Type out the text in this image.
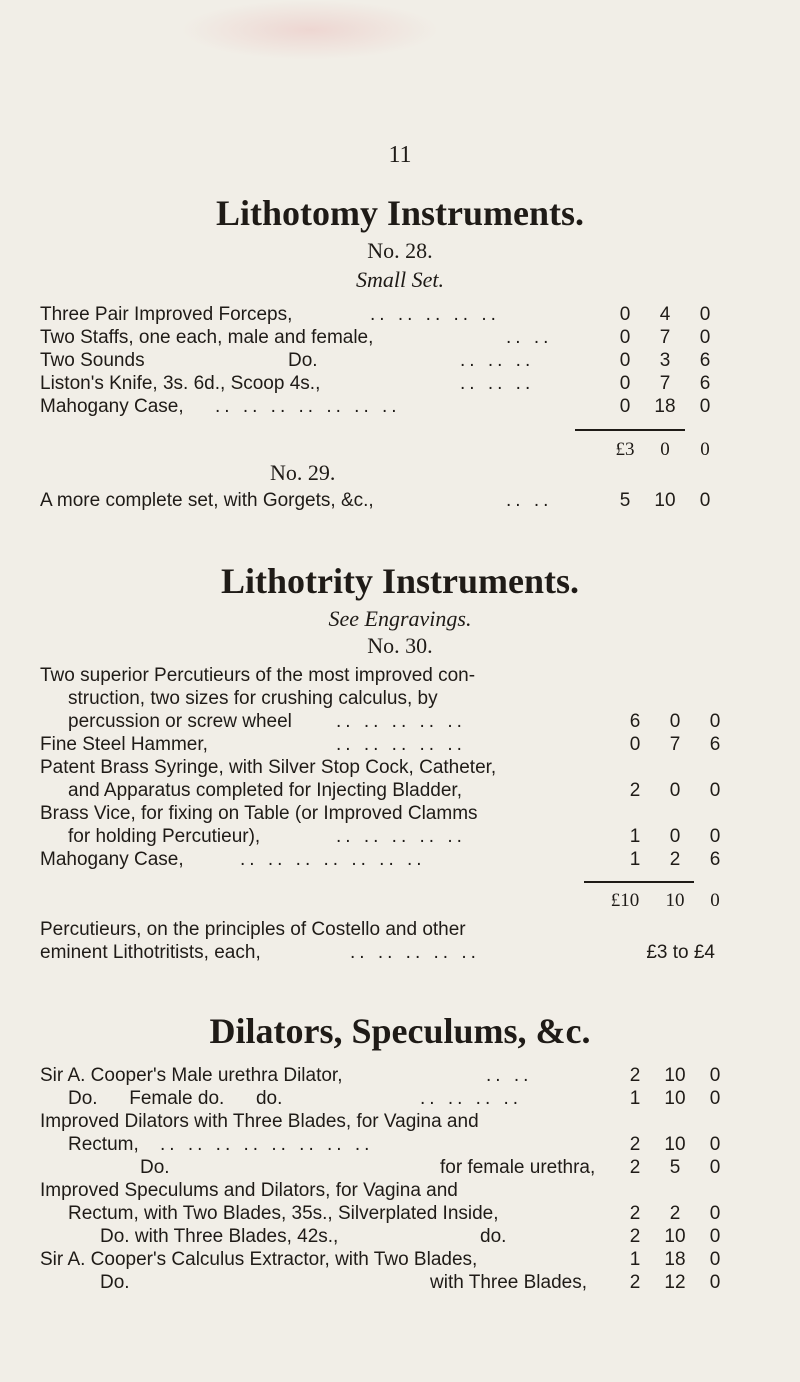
11
Lithotomy Instruments.
No. 28.
Small Set.
Three Pair Improved Forceps,	.. .. .. .. ..	0	4	0
Two Staffs, one each, male and female,	.. ..	0	7	0
Two Sounds	Do.	.. .. ..	0	3	6
Liston's Knife, 3s. 6d., Scoop 4s.,	.. .. ..	0	7	6
Mahogany Case, .. .. .. .. .. .. ..	0	18	0
£3	0	0
No. 29.
A more complete set, with Gorgets, &c.,	.. ..	5	10	0
Lithotrity Instruments.
See Engravings.
No. 30.
Two superior Percutieurs of the most improved con-
struction, two sizes for crushing calculus, by
percussion or screw wheel .. .. .. .. ..	6	0	0
Fine Steel Hammer,	.. .. .. .. ..	0	7	6
Patent Brass Syringe, with Silver Stop Cock, Catheter,
and Apparatus completed for Injecting Bladder,	2	0	0
Brass Vice, for fixing on Table (or Improved Clamms
for holding Percutieur),	.. .. .. .. ..	1	0	0
Mahogany Case,	.. .. .. .. .. .. ..	1	2	6
£10	10	0
Percutieurs, on the principles of Costello and other
eminent Lithotritists, each,	.. .. .. .. ..	£3 to £4
Dilators, Speculums, &c.
Sir A. Cooper's Male urethra Dilator,	.. ..	2	10	0
Do.      Female do.      do.	.. .. .. ..	1	10	0
Improved Dilators with Three Blades, for Vagina and
Rectum, .. .. .. .. .. .. .. ..	2	10	0
Do.	for female urethra,	2	5	0
Improved Speculums and Dilators, for Vagina and
Rectum, with Two Blades, 35s., Silverplated Inside,	2	2	0
Do. with Three Blades, 42s.,	do.	2	10	0
Sir A. Cooper's Calculus Extractor, with Two Blades,	1	18	0
Do.	with Three Blades,	2	12	0
